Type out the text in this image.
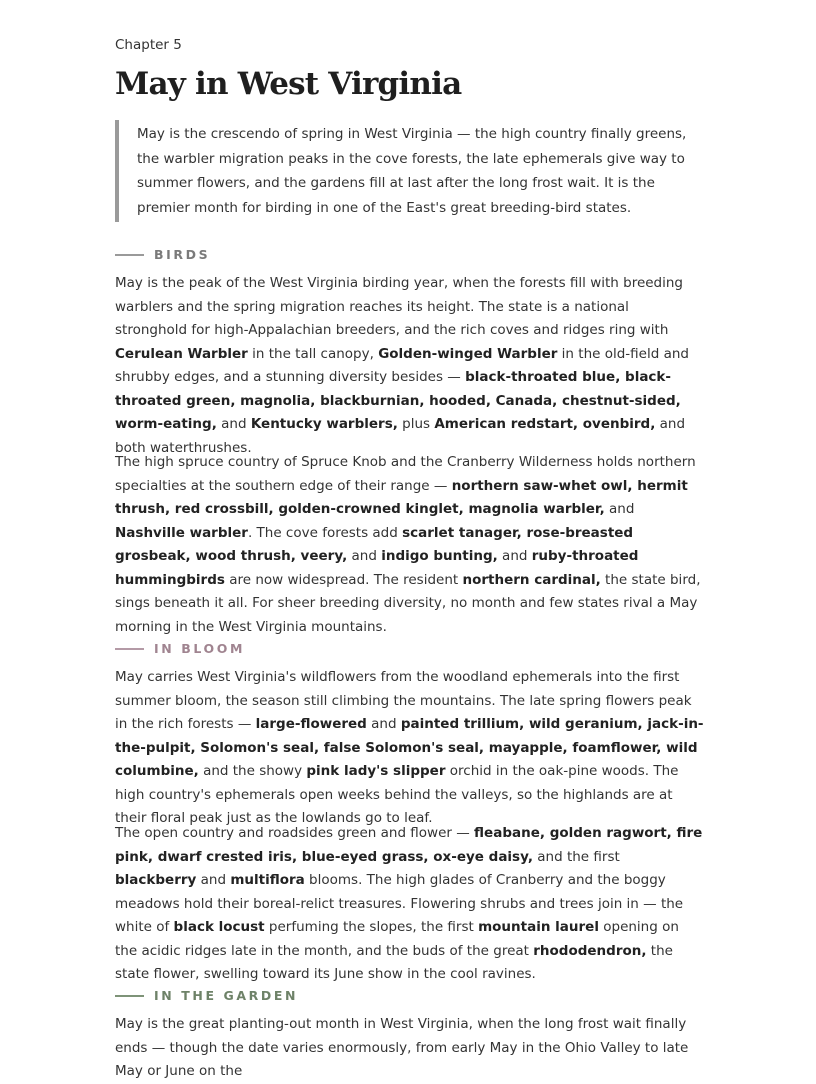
Chapter 5
May in West Virginia
May is the crescendo of spring in West Virginia — the high country finally greens, the warbler migration peaks in the cove forests, the late ephemerals give way to summer flowers, and the gardens fill at last after the long frost wait. It is the premier month for birding in one of the East's great breeding-bird states.
BIRDS

May is the peak of the West Virginia birding year, when the forests fill with breeding warblers and the spring migration reaches its height. The state is a national stronghold for high-Appalachian breeders, and the rich coves and ridges ring with Cerulean Warbler in the tall canopy, Golden-winged Warbler in the old-field and shrubby edges, and a stunning diversity besides — black-throated blue, black-throated green, magnolia, blackburnian, hooded, Canada, chestnut-sided, worm-eating, and Kentucky warblers, plus American redstart, ovenbird, and both waterthrushes.

The high spruce country of Spruce Knob and the Cranberry Wilderness holds northern specialties at the southern edge of their range — northern saw-whet owl, hermit thrush, red crossbill, golden-crowned kinglet, magnolia warbler, and Nashville warbler. The cove forests add scarlet tanager, rose-breasted grosbeak, wood thrush, veery, and indigo bunting, and ruby-throated hummingbirds are now widespread. The resident northern cardinal, the state bird, sings beneath it all. For sheer breeding diversity, no month and few states rival a May morning in the West Virginia mountains.

IN BLOOM

May carries West Virginia's wildflowers from the woodland ephemerals into the first summer bloom, the season still climbing the mountains. The late spring flowers peak in the rich forests — large-flowered and painted trillium, wild geranium, jack-in-the-pulpit, Solomon's seal, false Solomon's seal, mayapple, foamflower, wild columbine, and the showy pink lady's slipper orchid in the oak-pine woods. The high country's ephemerals open weeks behind the valleys, so the highlands are at their floral peak just as the lowlands go to leaf.

The open country and roadsides green and flower — fleabane, golden ragwort, fire pink, dwarf crested iris, blue-eyed grass, ox-eye daisy, and the first blackberry and multiflora blooms. The high glades of Cranberry and the boggy meadows hold their boreal-relict treasures. Flowering shrubs and trees join in — the white of black locust perfuming the slopes, the first mountain laurel opening on the acidic ridges late in the month, and the buds of the great rhododendron, the state flower, swelling toward its June show in the cool ravines.

IN THE GARDEN

May is the great planting-out month in West Virginia, when the long frost wait finally ends — though the date varies enormously, from early May in the Ohio Valley to late May or June on the
